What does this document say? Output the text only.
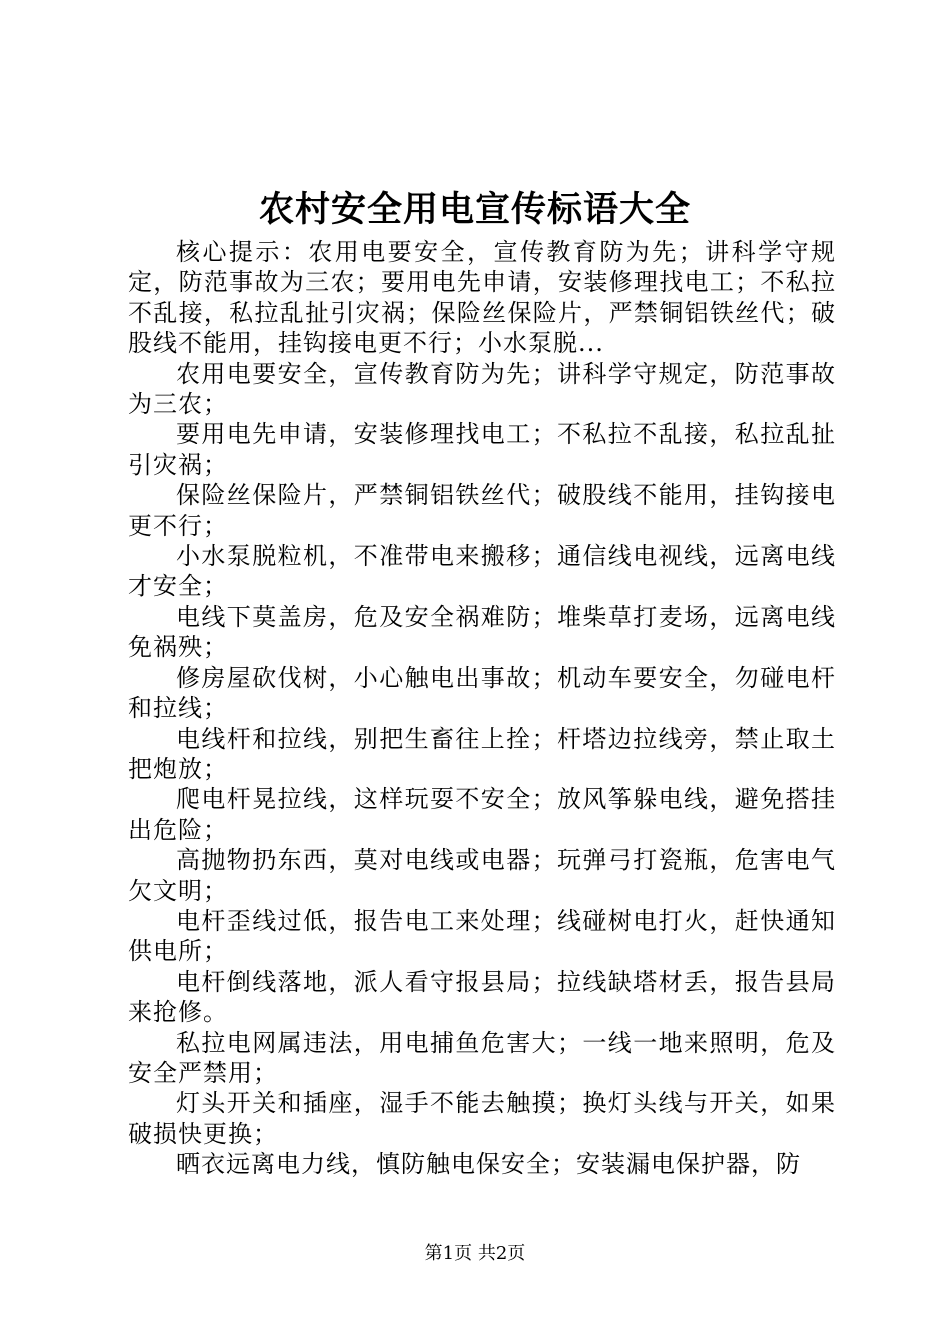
农村安全用电宣传标语大全

核心提示：农用电要安全，宣传教育防为先；讲科学守规定，防范事故为三农；要用电先申请，安装修理找电工；不私拉不乱接，私拉乱扯引灾祸；保险丝保险片，严禁铜铝铁丝代；破股线不能用，挂钩接电更不行；小水泵脱...

农用电要安全，宣传教育防为先；讲科学守规定，防范事故为三农；

要用电先申请，安装修理找电工；不私拉不乱接，私拉乱扯引灾祸；

保险丝保险片，严禁铜铝铁丝代；破股线不能用，挂钩接电更不行；

小水泵脱粒机，不准带电来搬移；通信线电视线，远离电线才安全；

电线下莫盖房，危及安全祸难防；堆柴草打麦场，远离电线免祸殃；

修房屋砍伐树，小心触电出事故；机动车要安全，勿碰电杆和拉线；

电线杆和拉线，别把生畜往上拴；杆塔边拉线旁，禁止取土把炮放；

爬电杆晃拉线，这样玩耍不安全；放风筝躲电线，避免搭挂出危险；

高抛物扔东西，莫对电线或电器；玩弹弓打瓷瓶，危害电气欠文明；

电杆歪线过低，报告电工来处理；线碰树电打火，赶快通知供电所；

电杆倒线落地，派人看守报县局；拉线缺塔材丢，报告县局来抢修。

私拉电网属违法，用电捕鱼危害大；一线一地来照明，危及安全严禁用；

灯头开关和插座，湿手不能去触摸；换灯头线与开关，如果破损快更换；

晒衣远离电力线，慎防触电保安全；安装漏电保护器，防

第1页 共2页
